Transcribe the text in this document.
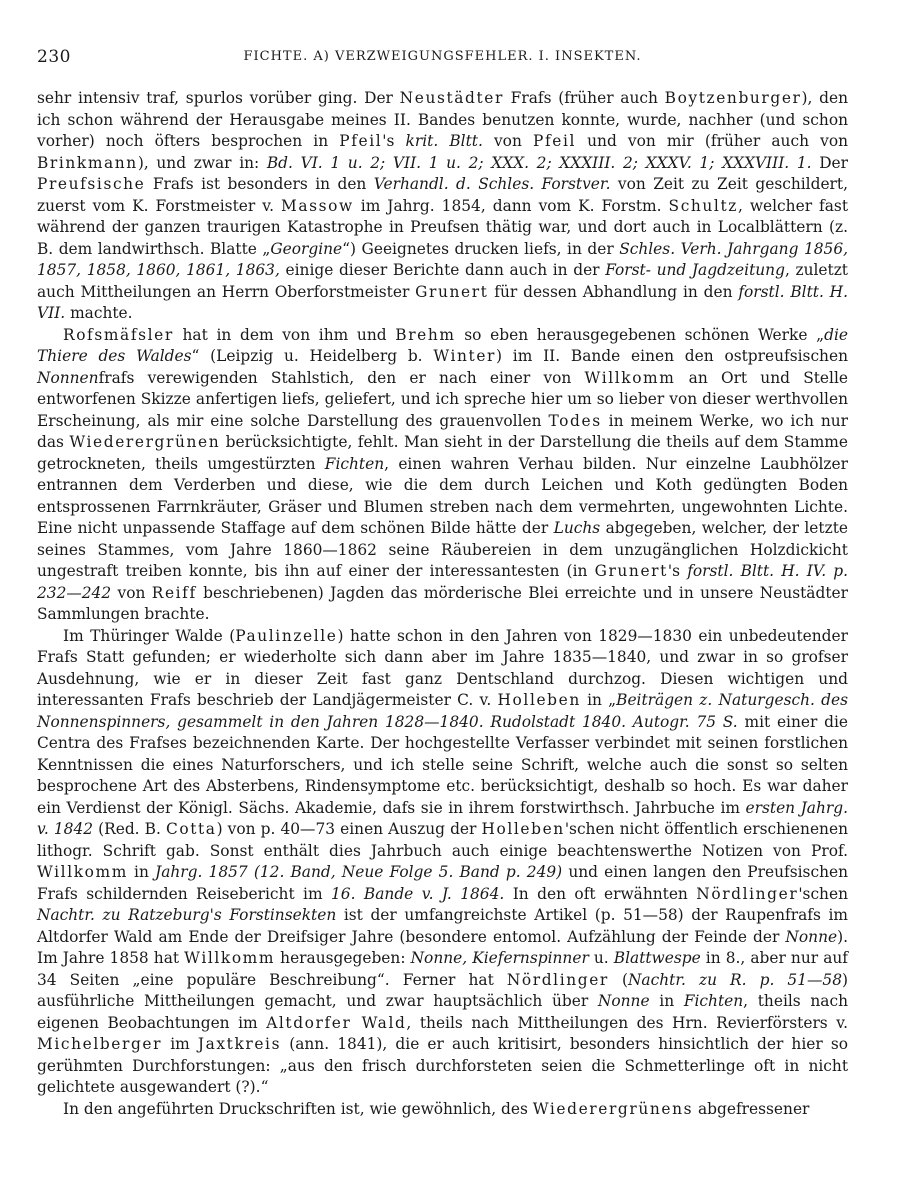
230	FICHTE. A) VERZWEIGUNGSFEHLER. I. INSEKTEN.

sehr intensiv traf, spurlos vorüber ging. Der Neustädter Frafs (früher auch Boytzenburger), den ich schon während der Herausgabe meines II. Bandes benutzen konnte, wurde, nachher (und schon vorher) noch öfters besprochen in Pfeil's krit. Bltt. von Pfeil und von mir (früher auch von Brinkmann), und zwar in: Bd. VI. 1 u. 2; VII. 1 u. 2; XXX. 2; XXXIII. 2; XXXV. 1; XXXVIII. 1. Der Preufsische Frafs ist besonders in den Verhandl. d. Schles. Forstver. von Zeit zu Zeit geschildert, zuerst vom K. Forstmeister v. Massow im Jahrg. 1854, dann vom K. Forstm. Schultz, welcher fast während der ganzen traurigen Katastrophe in Preufsen thätig war, und dort auch in Localblättern (z. B. dem landwirthsch. Blatte „Georgine“) Geeignetes drucken liefs, in der Schles. Verh. Jahrgang 1856, 1857, 1858, 1860, 1861, 1863, einige dieser Berichte dann auch in der Forst- und Jagdzeitung, zuletzt auch Mittheilungen an Herrn Oberforstmeister Grunert für dessen Abhandlung in den forstl. Bltt. H. VII. machte.

Rofsmäfsler hat in dem von ihm und Brehm so eben herausgegebenen schönen Werke „die Thiere des Waldes“ (Leipzig u. Heidelberg b. Winter) im II. Bande einen den ostpreufsischen Nonnenfrafs verewigenden Stahlstich, den er nach einer von Willkomm an Ort und Stelle entworfenen Skizze anfertigen liefs, geliefert, und ich spreche hier um so lieber von dieser werthvollen Erscheinung, als mir eine solche Darstellung des grauenvollen Todes in meinem Werke, wo ich nur das Wiederergrünen berücksichtigte, fehlt. Man sieht in der Darstellung die theils auf dem Stamme getrockneten, theils umgestürzten Fichten, einen wahren Verhau bilden. Nur einzelne Laubhölzer entrannen dem Verderben und diese, wie die dem durch Leichen und Koth gedüngten Boden entsprossenen Farrnkräuter, Gräser und Blumen streben nach dem vermehrten, ungewohnten Lichte. Eine nicht unpassende Staffage auf dem schönen Bilde hätte der Luchs abgegeben, welcher, der letzte seines Stammes, vom Jahre 1860—1862 seine Räubereien in dem unzugänglichen Holzdickicht ungestraft treiben konnte, bis ihn auf einer der interessantesten (in Grunert's forstl. Bltt. H. IV. p. 232—242 von Reiff beschriebenen) Jagden das mörderische Blei erreichte und in unsere Neustädter Sammlungen brachte.

Im Thüringer Walde (Paulinzelle) hatte schon in den Jahren von 1829—1830 ein unbedeutender Frafs Statt gefunden; er wiederholte sich dann aber im Jahre 1835—1840, und zwar in so grofser Ausdehnung, wie er in dieser Zeit fast ganz Dentschland durchzog. Diesen wichtigen und interessanten Frafs beschrieb der Landjägermeister C. v. Holleben in „Beiträgen z. Naturgesch. des Nonnenspinners, gesammelt in den Jahren 1828—1840. Rudolstadt 1840. Autogr. 75 S. mit einer die Centra des Frafses bezeichnenden Karte. Der hochgestellte Verfasser verbindet mit seinen forstlichen Kenntnissen die eines Naturforschers, und ich stelle seine Schrift, welche auch die sonst so selten besprochene Art des Absterbens, Rindensymptome etc. berücksichtigt, deshalb so hoch. Es war daher ein Verdienst der Königl. Sächs. Akademie, dafs sie in ihrem forstwirthsch. Jahrbuche im ersten Jahrg. v. 1842 (Red. B. Cotta) von p. 40—73 einen Auszug der Holleben'schen nicht öffentlich erschienenen lithogr. Schrift gab. Sonst enthält dies Jahrbuch auch einige beachtenswerthe Notizen von Prof. Willkomm in Jahrg. 1857 (12. Band, Neue Folge 5. Band p. 249) und einen langen den Preufsischen Frafs schildernden Reisebericht im 16. Bande v. J. 1864. In den oft erwähnten Nördlinger'schen Nachtr. zu Ratzeburg's Forstinsekten ist der umfangreichste Artikel (p. 51—58) der Raupenfrafs im Altdorfer Wald am Ende der Dreifsiger Jahre (besondere entomol. Aufzählung der Feinde der Nonne). Im Jahre 1858 hat Willkomm herausgegeben: Nonne, Kiefernspinner u. Blattwespe in 8., aber nur auf 34 Seiten „eine populäre Beschreibung“. Ferner hat Nördlinger (Nachtr. zu R. p. 51—58) ausführliche Mittheilungen gemacht, und zwar hauptsächlich über Nonne in Fichten, theils nach eigenen Beobachtungen im Altdorfer Wald, theils nach Mittheilungen des Hrn. Revierförsters v. Michelberger im Jaxtkreis (ann. 1841), die er auch kritisirt, besonders hinsichtlich der hier so gerühmten Durchforstungen: „aus den frisch durchforsteten seien die Schmetterlinge oft in nicht gelichtete ausgewandert (?).“

In den angeführten Druckschriften ist, wie gewöhnlich, des Wiederergrünens abgefressener
